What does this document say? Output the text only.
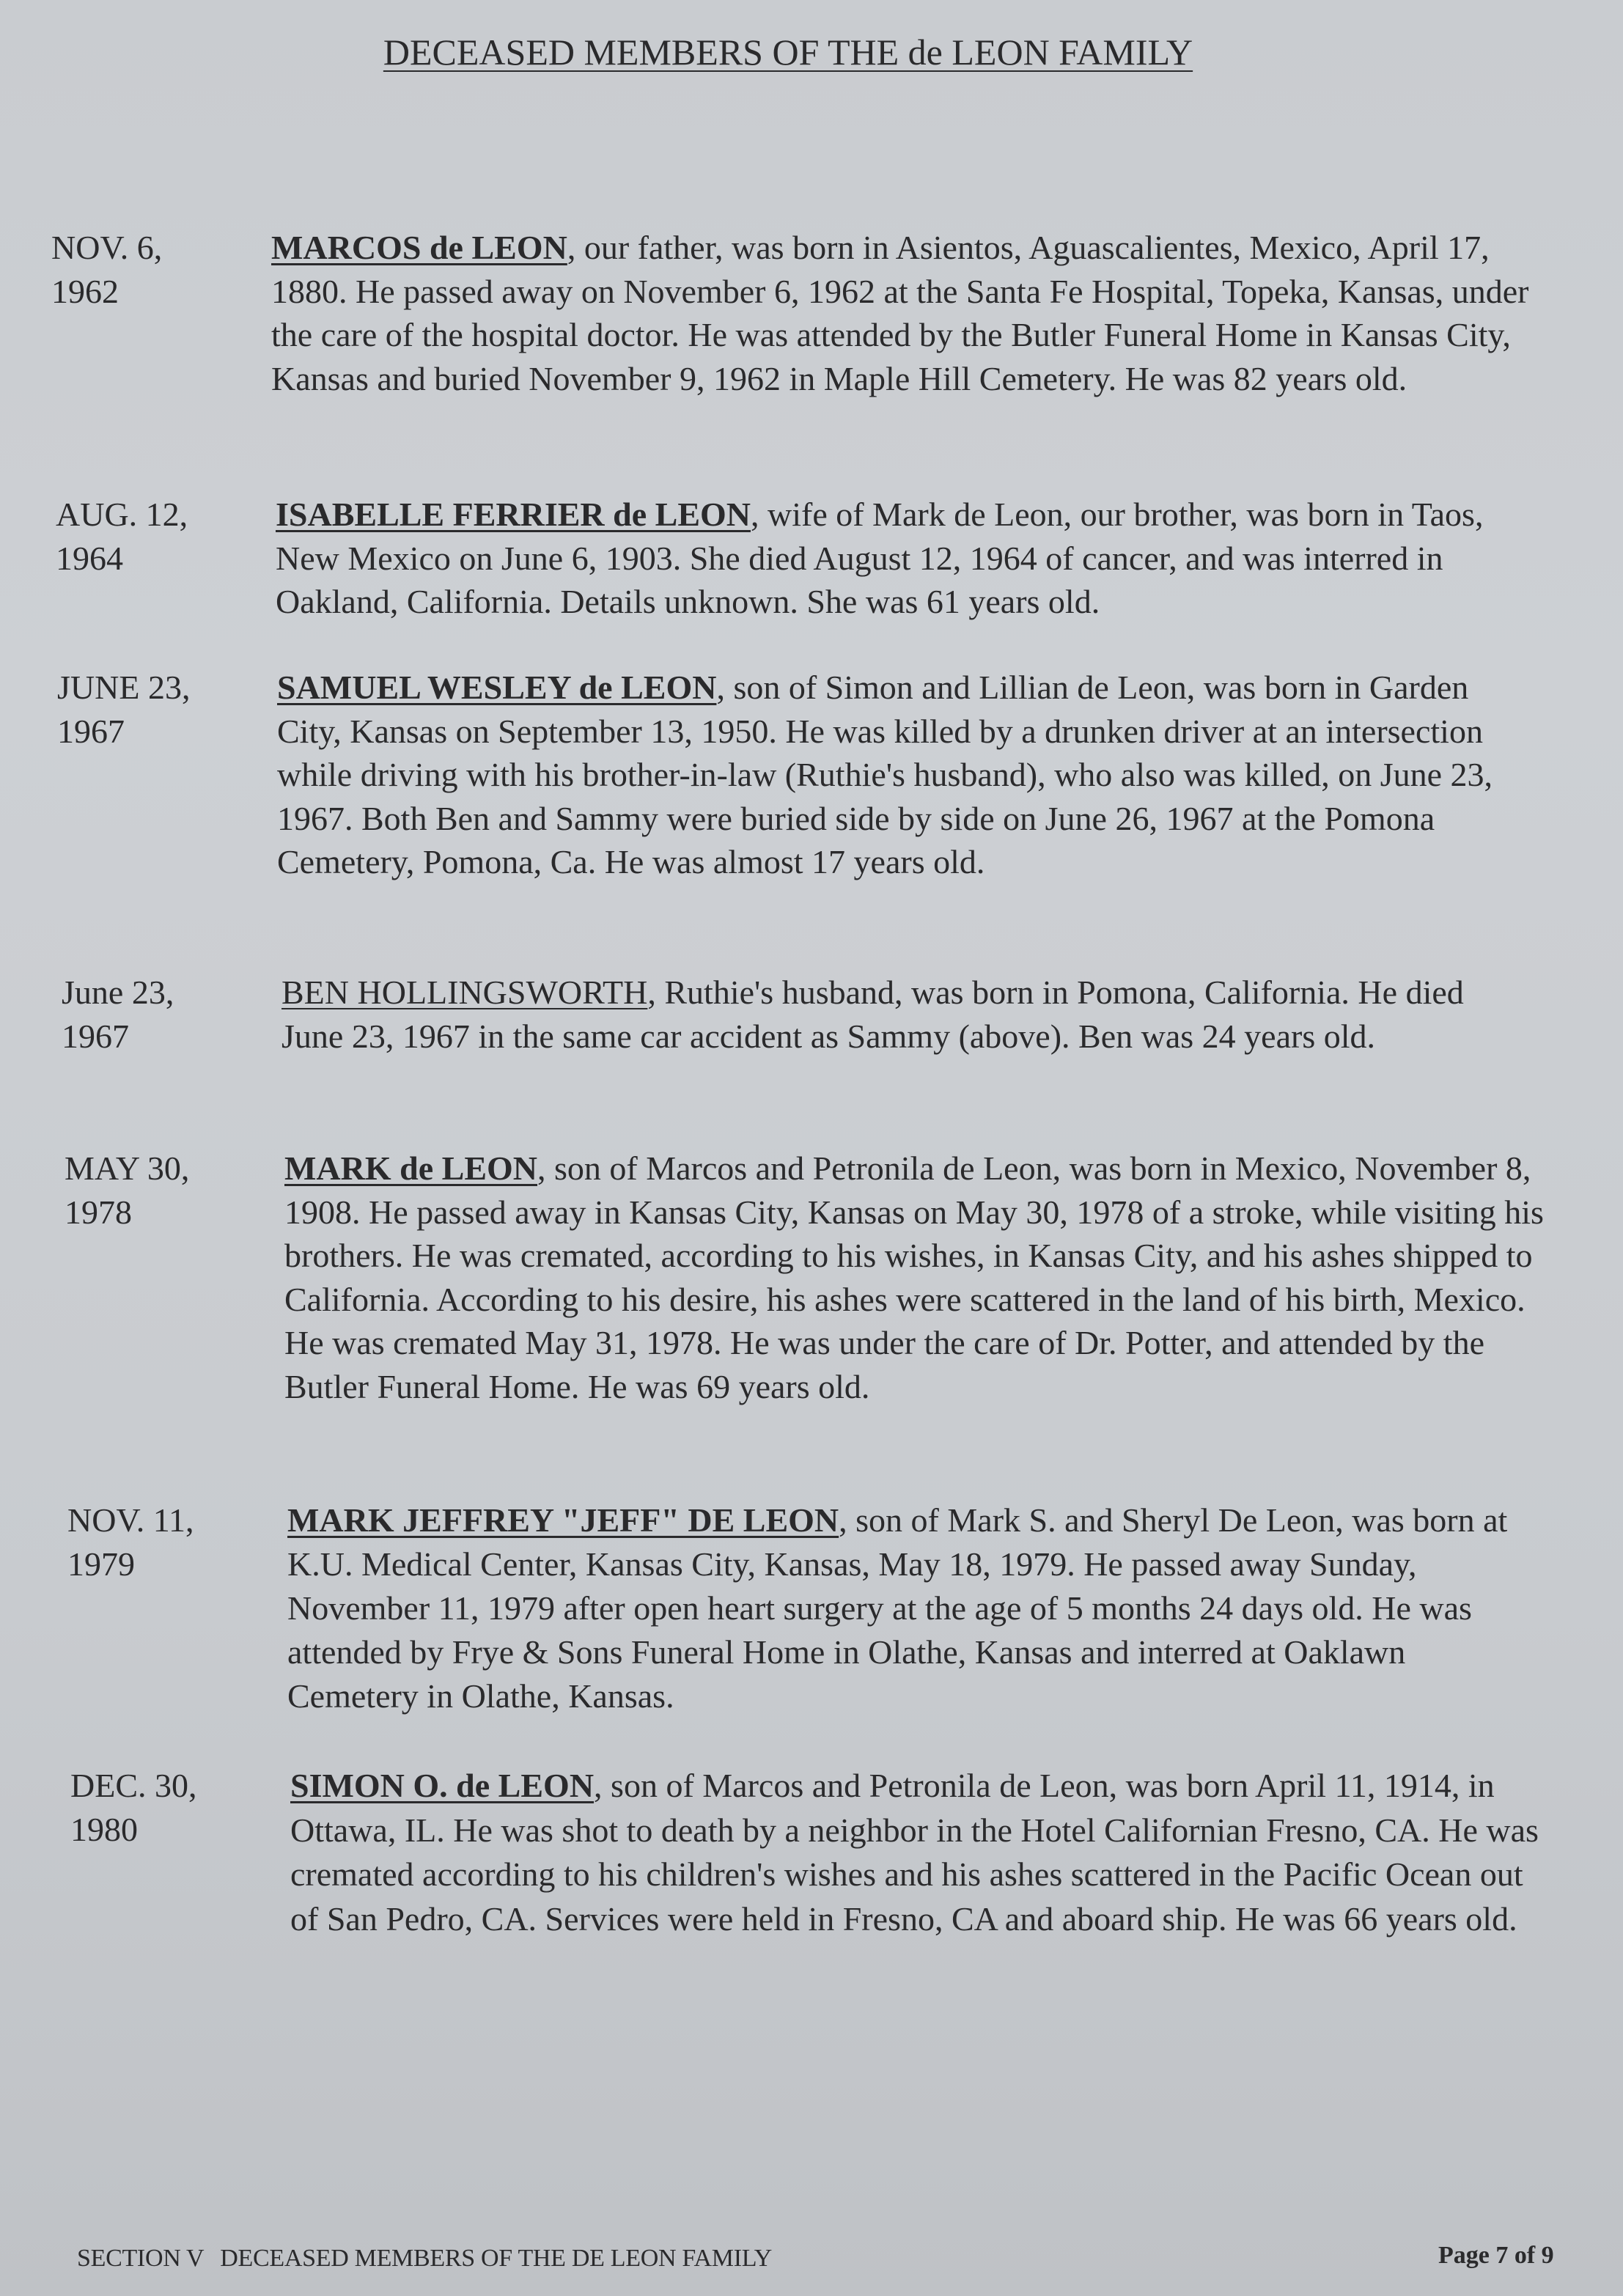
DECEASED MEMBERS OF THE de LEON FAMILY
NOV. 6,
1962
MARCOS de LEON, our father, was born in Asientos, Aguascalientes, Mexico, April 17, 1880. He passed away on November 6, 1962 at the Santa Fe Hospital, Topeka, Kansas, under the care of the hospital doctor. He was attended by the Butler Funeral Home in Kansas City, Kansas and buried November 9, 1962 in Maple Hill Cemetery. He was 82 years old.
AUG. 12,
1964
ISABELLE FERRIER de LEON, wife of Mark de Leon, our brother, was born in Taos, New Mexico on June 6, 1903. She died August 12, 1964 of cancer, and was interred in Oakland, California. Details unknown. She was 61 years old.
JUNE 23,
1967
SAMUEL WESLEY de LEON, son of Simon and Lillian de Leon, was born in Garden City, Kansas on September 13, 1950. He was killed by a drunken driver at an intersection while driving with his brother-in-law (Ruthie's husband), who also was killed, on June 23, 1967. Both Ben and Sammy were buried side by side on June 26, 1967 at the Pomona Cemetery, Pomona, Ca. He was almost 17 years old.
June 23,
1967
BEN HOLLINGSWORTH, Ruthie's husband, was born in Pomona, California. He died June 23, 1967 in the same car accident as Sammy (above). Ben was 24 years old.
MAY 30,
1978
MARK de LEON, son of Marcos and Petronila de Leon, was born in Mexico, November 8, 1908. He passed away in Kansas City, Kansas on May 30, 1978 of a stroke, while visiting his brothers. He was cremated, according to his wishes, in Kansas City, and his ashes shipped to California. According to his desire, his ashes were scattered in the land of his birth, Mexico. He was cremated May 31, 1978. He was under the care of Dr. Potter, and attended by the Butler Funeral Home. He was 69 years old.
NOV. 11,
1979
MARK JEFFREY "JEFF" DE LEON, son of Mark S. and Sheryl De Leon, was born at K.U. Medical Center, Kansas City, Kansas, May 18, 1979. He passed away Sunday, November 11, 1979 after open heart surgery at the age of 5 months 24 days old. He was attended by Frye & Sons Funeral Home in Olathe, Kansas and interred at Oaklawn Cemetery in Olathe, Kansas.
DEC. 30,
1980
SIMON O. de LEON, son of Marcos and Petronila de Leon, was born April 11, 1914, in Ottawa, IL. He was shot to death by a neighbor in the Hotel Californian Fresno, CA. He was cremated according to his children's wishes and his ashes scattered in the Pacific Ocean out of San Pedro, CA. Services were held in Fresno, CA and aboard ship. He was 66 years old.
SECTION V DECEASED MEMBERS OF THE DE LEON FAMILY	Page 7 of 9
